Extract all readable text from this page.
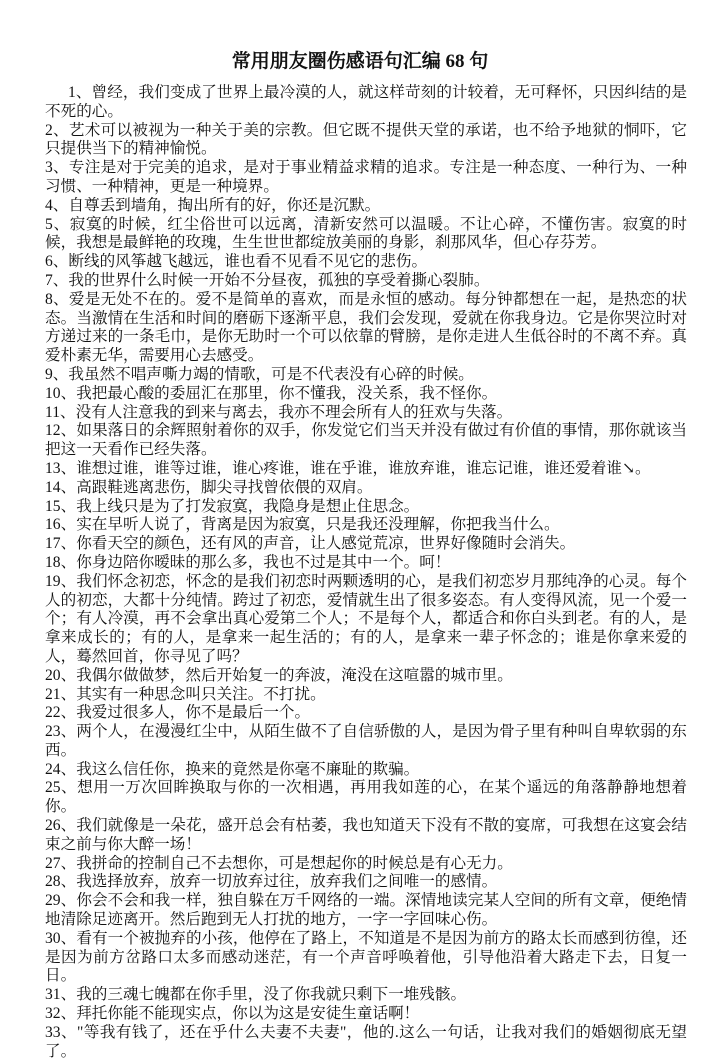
常用朋友圈伤感语句汇编 68 句

1、曾经，我们变成了世界上最冷漠的人，就这样苛刻的计较着，无可释怀，只因纠结的是不死的心。

2、艺术可以被视为一种关于美的宗教。但它既不提供天堂的承诺，也不给予地狱的恫吓，它只提供当下的精神愉悦。

3、专注是对于完美的追求，是对于事业精益求精的追求。专注是一种态度、一种行为、一种习惯、一种精神，更是一种境界。

4、自尊丢到墙角，掏出所有的好，你还是沉默。

5、寂寞的时候，红尘俗世可以远离，清新安然可以温暖。不让心碎，不懂伤害。寂寞的时候，我想是最鲜艳的玫瑰，生生世世都绽放美丽的身影，刹那风华，但心存芬芳。

6、断线的风筝越飞越远，谁也看不见看不见它的悲伤。

7、我的世界什么时候一开始不分昼夜，孤独的享受着撕心裂肺。

8、爱是无处不在的。爱不是简单的喜欢，而是永恒的感动。每分钟都想在一起，是热恋的状态。当激情在生活和时间的磨砺下逐渐平息，我们会发现，爱就在你我身边。它是你哭泣时对方递过来的一条毛巾，是你无助时一个可以依靠的臂膀，是你走进人生低谷时的不离不弃。真爱朴素无华，需要用心去感受。

9、我虽然不唱声嘶力竭的情歌，可是不代表没有心碎的时候。

10、我把最心酸的委屈汇在那里，你不懂我，没关系，我不怪你。

11、没有人注意我的到来与离去，我亦不理会所有人的狂欢与失落。

12、如果落日的余辉照射着你的双手，你发觉它们当天并没有做过有价值的事情，那你就该当把这一天看作已经失落。

13、谁想过谁，谁等过谁，谁心疼谁，谁在乎谁，谁放弃谁，谁忘记谁，谁还爱着谁↘。

14、高跟鞋逃离悲伤，脚尖寻找曾依偎的双肩。

15、我上线只是为了打发寂寞，我隐身是想止住思念。

16、实在早听人说了，背离是因为寂寞，只是我还没理解，你把我当什么。

17、你看天空的颜色，还有风的声音，让人感觉荒凉，世界好像随时会消失。

18、你身边陪你暧昧的那么多，我也不过是其中一个。呵！

19、我们怀念初恋，怀念的是我们初恋时两颗透明的心，是我们初恋岁月那纯净的心灵。每个人的初恋，大都十分纯情。跨过了初恋，爱情就生出了很多姿态。有人变得风流，见一个爱一个；有人冷漠，再不会拿出真心爱第二个人；不是每个人，都适合和你白头到老。有的人，是拿来成长的；有的人，是拿来一起生活的；有的人，是拿来一辈子怀念的；谁是你拿来爱的人，蓦然回首，你寻见了吗？

20、我偶尔做做梦，然后开始复一的奔波，淹没在这喧嚣的城市里。

21、其实有一种思念叫只关注。不打扰。

22、我爱过很多人，你不是最后一个。

23、两个人，在漫漫红尘中，从陌生做不了自信骄傲的人，是因为骨子里有种叫自卑软弱的东西。

24、我这么信任你，换来的竟然是你毫不廉耻的欺骗。

25、想用一万次回眸换取与你的一次相遇，再用我如莲的心，在某个遥远的角落静静地想着你。

26、我们就像是一朵花，盛开总会有枯萎，我也知道天下没有不散的宴席，可我想在这宴会结束之前与你大醉一场！

27、我拼命的控制自己不去想你，可是想起你的时候总是有心无力。

28、我选择放弃，放弃一切放弃过往，放弃我们之间唯一的感情。

29、你会不会和我一样，独自躲在万千网络的一端。深情地读完某人空间的所有文章，便绝情地清除足迹离开。然后跑到无人打扰的地方，一字一字回味心伤。

30、看有一个被抛弃的小孩，他停在了路上，不知道是不是因为前方的路太长而感到彷徨，还是因为前方岔路口太多而感动迷茫，有一个声音呼唤着他，引导他沿着大路走下去，日复一日。

31、我的三魂七魄都在你手里，没了你我就只剩下一堆残骸。

32、拜托你能不能现实点，你以为这是安徒生童话啊！

33、"等我有钱了，还在乎什么夫妻不夫妻"，他的.这么一句话，让我对我们的婚姻彻底无望了。
